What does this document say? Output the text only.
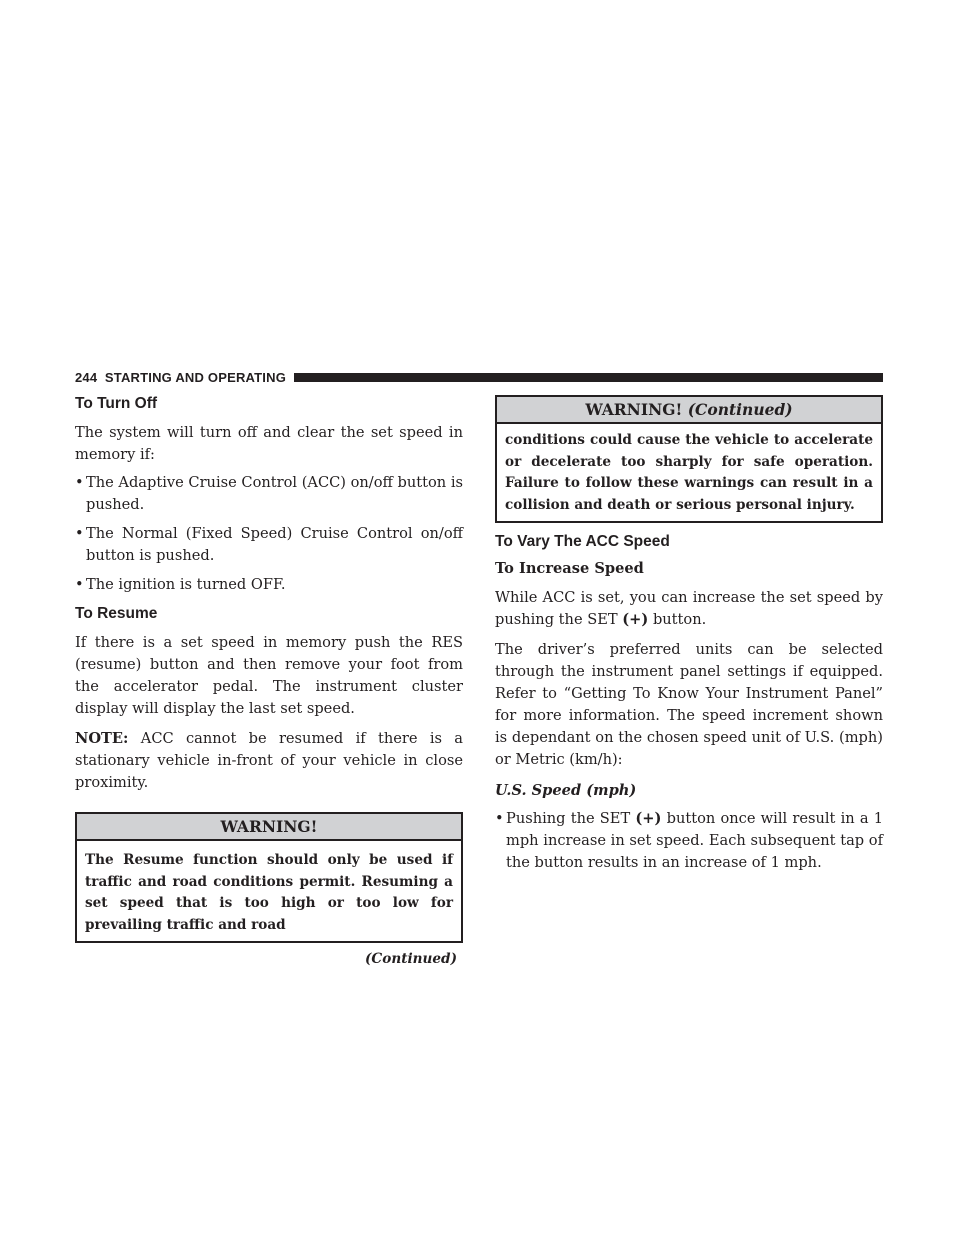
244 STARTING AND OPERATING
To Turn Off

The system will turn off and clear the set speed in memory if:

• The Adaptive Cruise Control (ACC) on/off button is pushed.
• The Normal (Fixed Speed) Cruise Control on/off button is pushed.
• The ignition is turned OFF.
To Resume

If there is a set speed in memory push the RES (resume) button and then remove your foot from the accelerator pedal. The instrument cluster display will display the last set speed.

NOTE: ACC cannot be resumed if there is a stationary vehicle in-front of your vehicle in close proximity.

WARNING!
The Resume function should only be used if traffic and road conditions permit. Resuming a set speed that is too high or too low for prevailing traffic and road
(Continued)
WARNING! (Continued)
conditions could cause the vehicle to accelerate or decelerate too sharply for safe operation. Failure to follow these warnings can result in a collision and death or serious personal injury.
To Vary The ACC Speed

To Increase Speed

While ACC is set, you can increase the set speed by pushing the SET (+) button.

The driver’s preferred units can be selected through the instrument panel settings if equipped. Refer to “Getting To Know Your Instrument Panel” for more information. The speed increment shown is dependant on the chosen speed unit of U.S. (mph) or Metric (km/h):

U.S. Speed (mph)

• Pushing the SET (+) button once will result in a 1 mph increase in set speed. Each subsequent tap of the button results in an increase of 1 mph.
